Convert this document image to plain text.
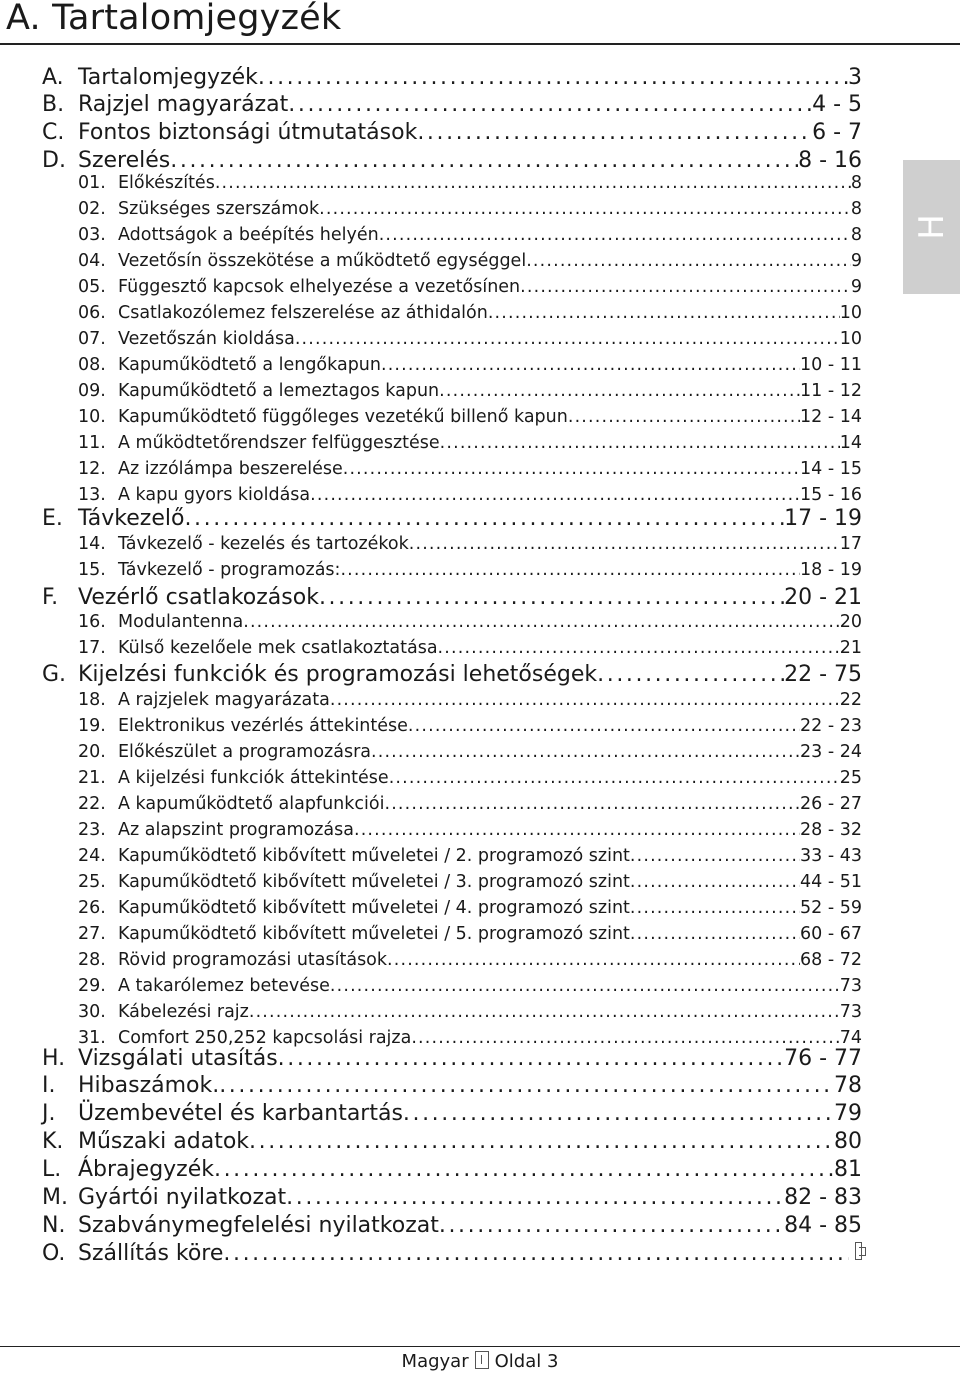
A. Tartalomjegyzék
H
A. Tartalomjegyzék . . .	3
B. Rajzjel magyarázat . . .	4 - 5
C. Fontos biztonsági útmutatások . . .	6 - 7
D. Szerelés . . .	8 - 16
01. Előkészítés . . .	8
02. Szükséges szerszámok . . .	8
03. Adottságok a beépítés helyén . . .	8
04. Vezetősín összekötése a működtető egységgel . . .	9
05. Függesztő kapcsok elhelyezése a vezetősínen . . .	9
06. Csatlakozólemez felszerelése az áthidalón . . .	10
07. Vezetőszán kioldása . . .	10
08. Kapuműködtető a lengőkapun . . .	10 - 11
09. Kapuműködtető a lemeztagos kapun . . .	11 - 12
10. Kapuműködtető függőleges vezetékű billenő kapun . . .	12 - 14
11. A működtetőrendszer felfüggesztése . . .	14
12. Az izzólámpa beszerelése . . .	14 - 15
13. A kapu gyors kioldása . . .	15 - 16
E. Távkezelő . . .	17 - 19
14. Távkezelő - kezelés és tartozékok . . .	17
15. Távkezelő - programozás: . . .	18 - 19
F. Vezérlő csatlakozások . . .	20 - 21
16. Modulantenna . . .	20
17. Külső kezelőele mek csatlakoztatása . . .	21
G. Kijelzési funkciók és programozási lehetőségek . . .	22 - 75
18. A rajzjelek magyarázata . . .	22
19. Elektronikus vezérlés áttekintése . . .	22 - 23
20. Előkészület a programozásra . . .	23 - 24
21. A kijelzési funkciók áttekintése . . .	25
22. A kapuműködtető alapfunkciói . . .	26 - 27
23. Az alapszint programozása . . .	28 - 32
24. Kapuműködtető kibővített műveletei / 2. programozó szint . . .	33 - 43
25. Kapuműködtető kibővített műveletei / 3. programozó szint . . .	44 - 51
26. Kapuműködtető kibővített műveletei / 4. programozó szint . . .	52 - 59
27. Kapuműködtető kibővített műveletei / 5. programozó szint . . .	60 - 67
28. Rövid programozási utasítások . . .	68 - 72
29. A takarólemez betevése . . .	73
30. Kábelezési rajz . . .	73
31. Comfort 250,252 kapcsolási rajza . . .	74
H. Vizsgálati utasítás . . .	76 - 77
I.	Hibaszámok. . . .	78
J.	Üzembevétel és karbantartás . . .	79
K. Műszaki adatok . . .	80
L. Ábrajegyzék . . .	81
M. Gyártói nyilatkozat . . .	82 - 83
N. Szabványmegfelelési nyilatkozat . . .	84 - 85
O. Szállítás köre
. . .
Magyar Oldal 3
